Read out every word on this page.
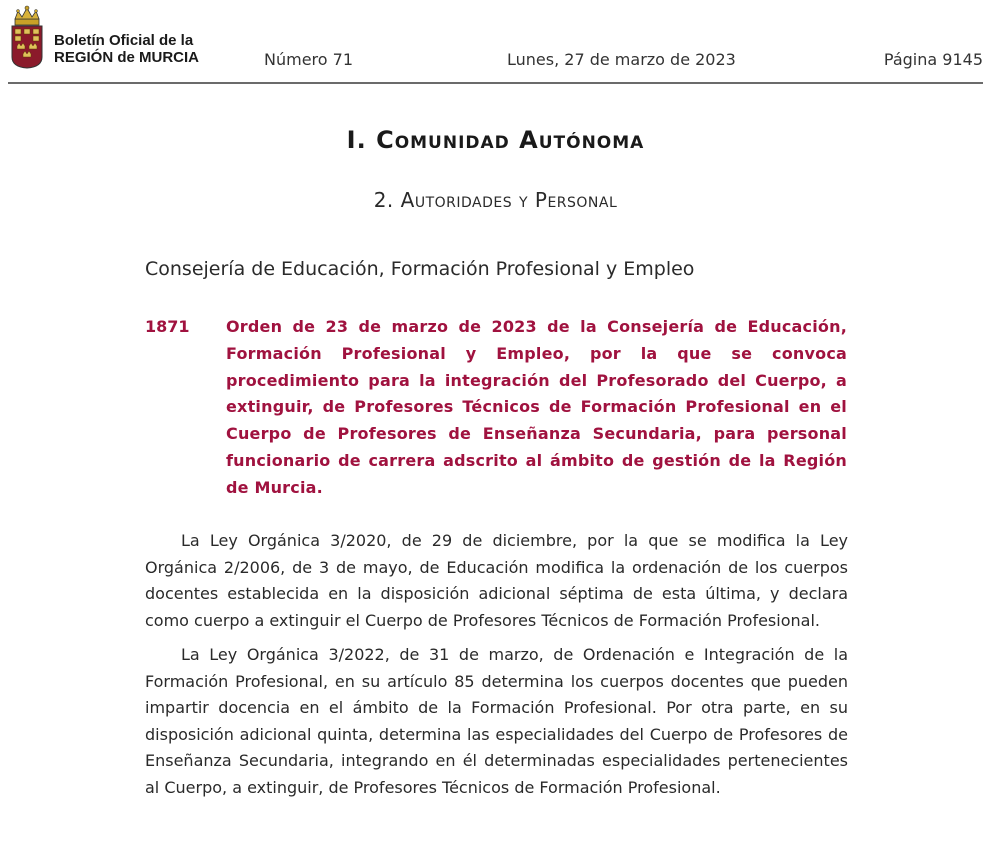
Boletín Oficial de la
REGIÓN de MURCIA	Número 71	Lunes, 27 de marzo de 2023	Página 9145
I. Comunidad Autónoma
2. Autoridades y Personal
Consejería de Educación, Formación Profesional y Empleo
1871 Orden de 23 de marzo de 2023 de la Consejería de Educación, Formación Profesional y Empleo, por la que se convoca procedimiento para la integración del Profesorado del Cuerpo, a extinguir, de Profesores Técnicos de Formación Profesional en el Cuerpo de Profesores de Enseñanza Secundaria, para personal funcionario de carrera adscrito al ámbito de gestión de la Región de Murcia.

La Ley Orgánica 3/2020, de 29 de diciembre, por la que se modifica la Ley Orgánica 2/2006, de 3 de mayo, de Educación modifica la ordenación de los cuerpos docentes establecida en la disposición adicional séptima de esta última, y declara como cuerpo a extinguir el Cuerpo de Profesores Técnicos de Formación Profesional.

La Ley Orgánica 3/2022, de 31 de marzo, de Ordenación e Integración de la Formación Profesional, en su artículo 85 determina los cuerpos docentes que pueden impartir docencia en el ámbito de la Formación Profesional. Por otra parte, en su disposición adicional quinta, determina las especialidades del Cuerpo de Profesores de Enseñanza Secundaria, integrando en él determinadas especialidades pertenecientes al Cuerpo, a extinguir, de Profesores Técnicos de Formación Profesional.
